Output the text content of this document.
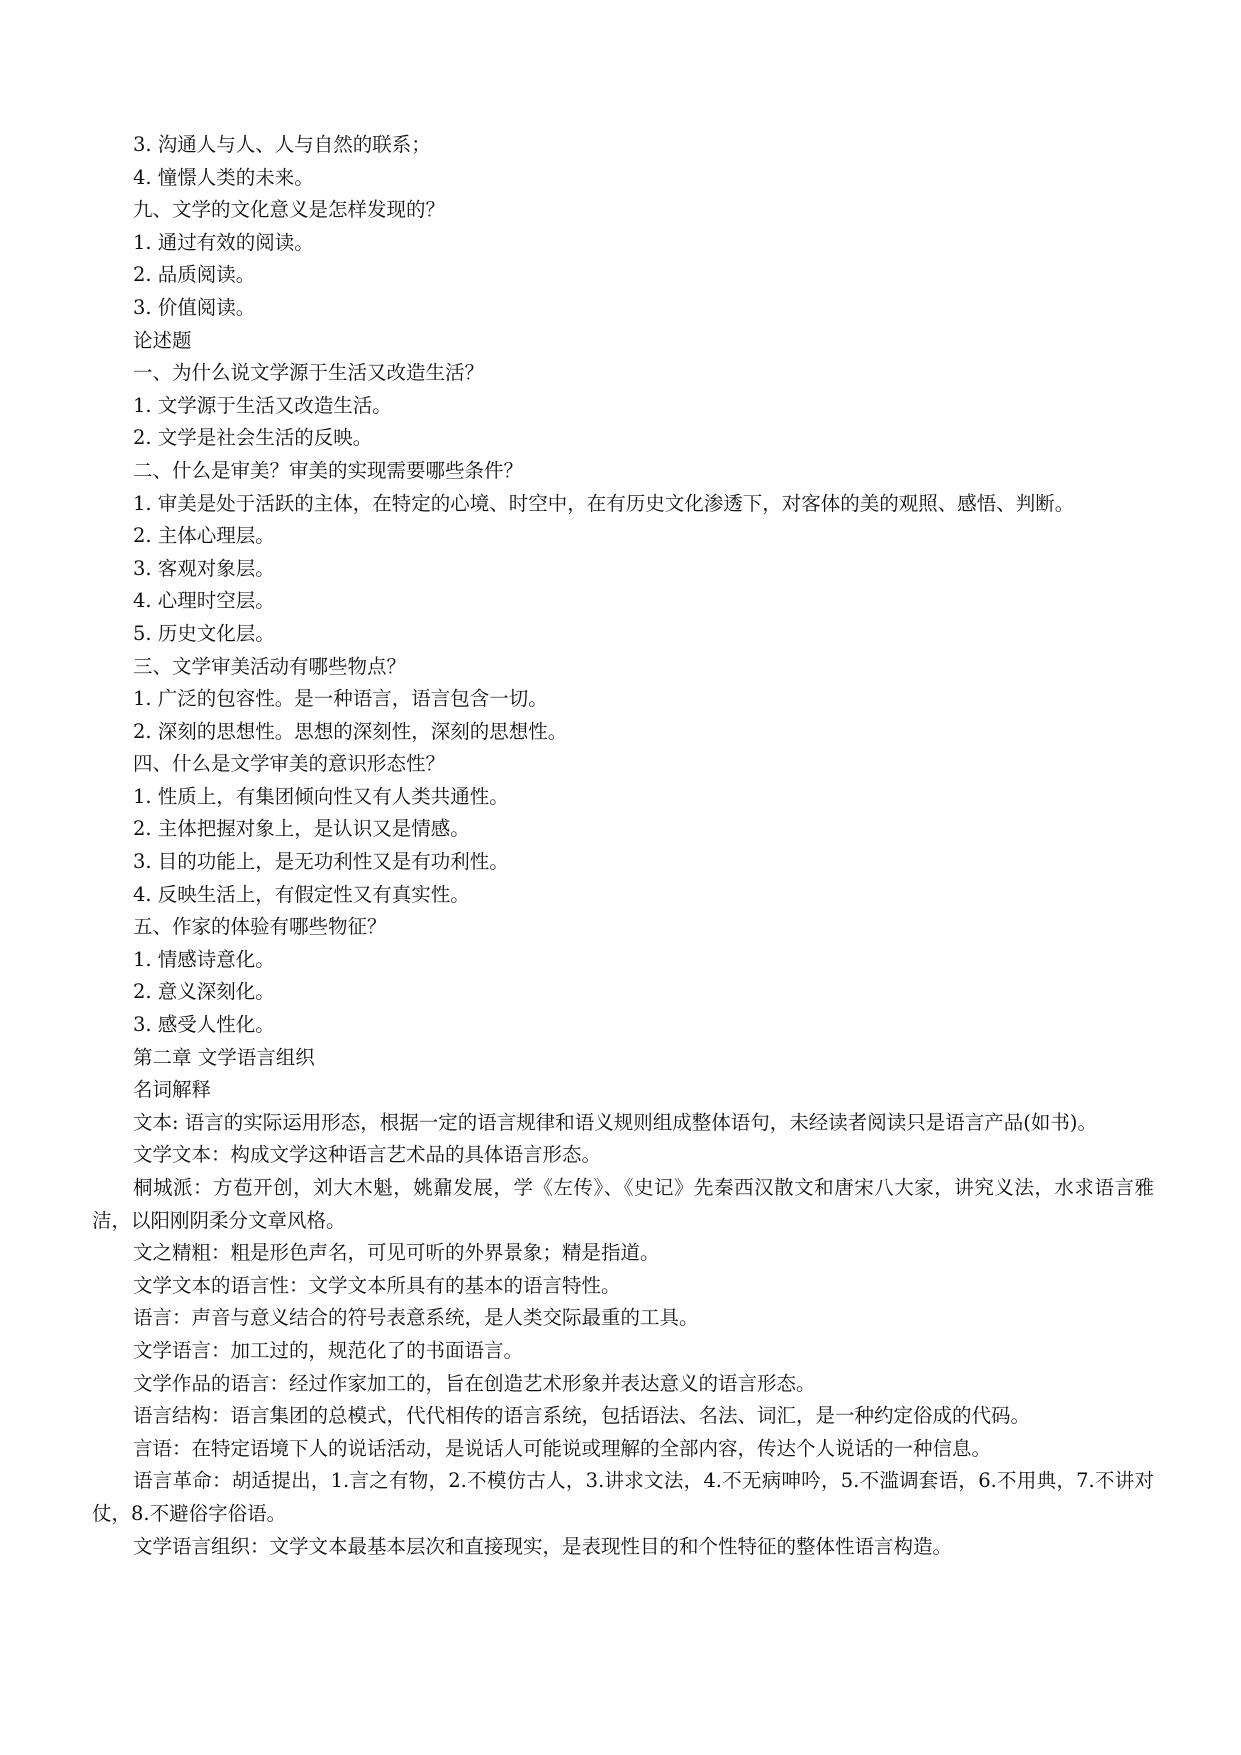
3. 沟通人与人、人与自然的联系；

4. 憧憬人类的未来。

九、文学的文化意义是怎样发现的？

1. 通过有效的阅读。

2. 品质阅读。

3. 价值阅读。

论述题

一、为什么说文学源于生活又改造生活？

1. 文学源于生活又改造生活。

2. 文学是社会生活的反映。

二、什么是审美？审美的实现需要哪些条件？

1. 审美是处于活跃的主体，在特定的心境、时空中，在有历史文化渗透下，对客体的美的观照、感悟、判断。

2. 主体心理层。

3. 客观对象层。

4. 心理时空层。

5. 历史文化层。

三、文学审美活动有哪些物点？

1. 广泛的包容性。是一种语言，语言包含一切。

2. 深刻的思想性。思想的深刻性，深刻的思想性。

四、什么是文学审美的意识形态性？

1. 性质上，有集团倾向性又有人类共通性。

2. 主体把握对象上，是认识又是情感。

3. 目的功能上，是无功利性又是有功利性。

4. 反映生活上，有假定性又有真实性。

五、作家的体验有哪些物征？

1. 情感诗意化。

2. 意义深刻化。

3. 感受人性化。

第二章 文学语言组织

名词解释

文本: 语言的实际运用形态，根据一定的语言规律和语义规则组成整体语句，未经读者阅读只是语言产品(如书)。

文学文本：构成文学这种语言艺术品的具体语言形态。

桐城派：方苞开创，刘大木魁，姚鼐发展，学《左传》、《史记》先秦西汉散文和唐宋八大家，讲究义法，水求语言雅洁，以阳刚阴柔分文章风格。

文之精粗：粗是形色声名，可见可听的外界景象；精是指道。

文学文本的语言性：文学文本所具有的基本的语言特性。

语言：声音与意义结合的符号表意系统，是人类交际最重的工具。

文学语言：加工过的，规范化了的书面语言。

文学作品的语言：经过作家加工的，旨在创造艺术形象并表达意义的语言形态。

语言结构：语言集团的总模式，代代相传的语言系统，包括语法、名法、词汇，是一种约定俗成的代码。

言语：在特定语境下人的说话活动，是说话人可能说或理解的全部内容，传达个人说话的一种信息。

语言革命：胡适提出，1.言之有物，2.不模仿古人，3.讲求文法，4.不无病呻吟，5.不滥调套语，6.不用典，7.不讲对仗，8.不避俗字俗语。

文学语言组织：文学文本最基本层次和直接现实，是表现性目的和个性特征的整体性语言构造。
